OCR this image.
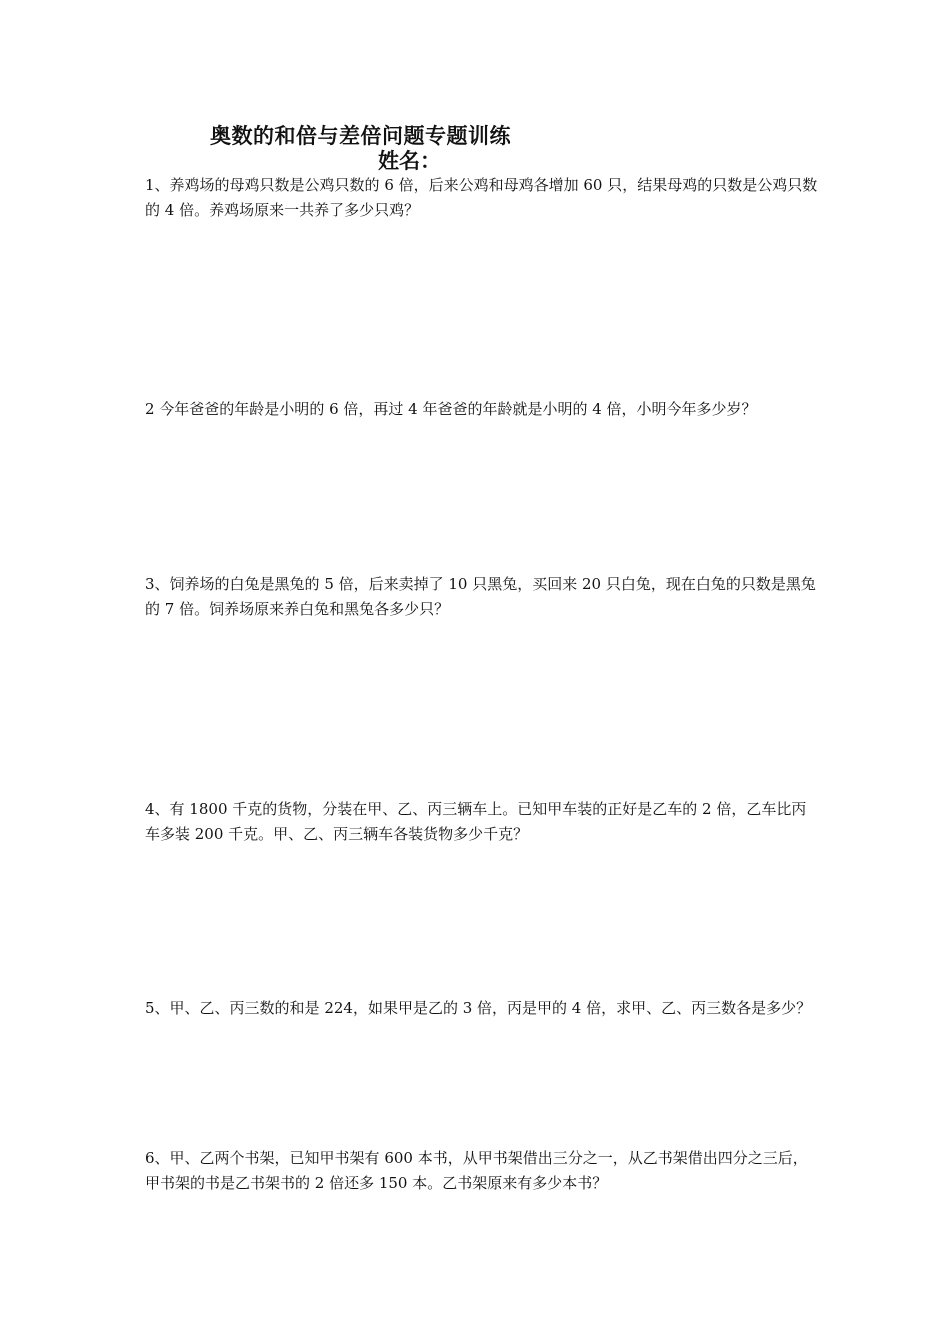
奥数的和倍与差倍问题专题训练
姓名：

1、养鸡场的母鸡只数是公鸡只数的 6 倍，后来公鸡和母鸡各增加 60 只，结果母鸡的只数是公鸡只数的 4 倍。养鸡场原来一共养了多少只鸡？

2 今年爸爸的年龄是小明的 6 倍，再过 4 年爸爸的年龄就是小明的 4 倍，小明今年多少岁？

3、饲养场的白兔是黑兔的 5 倍，后来卖掉了 10 只黑兔，买回来 20 只白兔，现在白兔的只数是黑兔的 7 倍。饲养场原来养白兔和黑兔各多少只？

4、有 1800 千克的货物，分装在甲、乙、丙三辆车上。已知甲车装的正好是乙车的 2 倍，乙车比丙车多装 200 千克。甲、乙、丙三辆车各装货物多少千克？

5、甲、乙、丙三数的和是 224，如果甲是乙的 3 倍，丙是甲的 4 倍，求甲、乙、丙三数各是多少？

6、甲、乙两个书架，已知甲书架有 600 本书，从甲书架借出三分之一，从乙书架借出四分之三后，甲书架的书是乙书架书的 2 倍还多 150 本。乙书架原来有多少本书？
